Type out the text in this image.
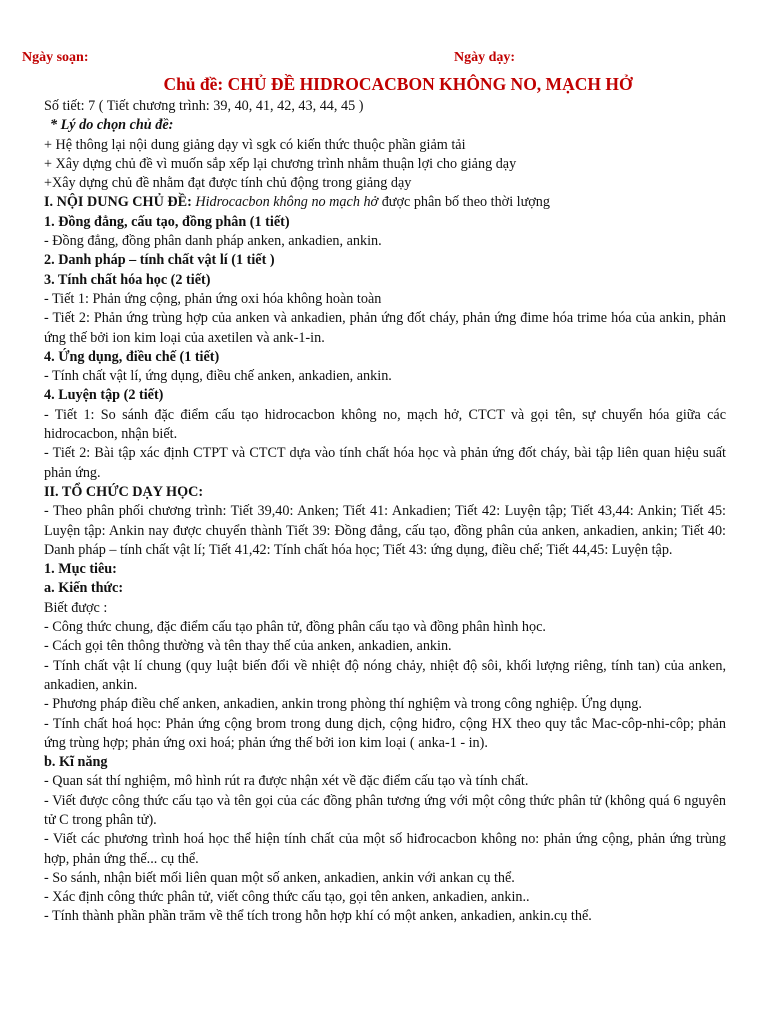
Ngày soạn:	Ngày dạy:
Chủ đề: CHỦ ĐỀ HIDROCACBON KHÔNG NO, MẠCH HỞ

Số tiết: 7 ( Tiết chương trình: 39, 40, 41, 42, 43, 44, 45 )

* Lý do chọn chủ đề:

+ Hệ thông lại nội dung giảng dạy vì sgk có kiến thức thuộc phần giảm tải

+ Xây dựng chủ đề vì muốn sắp xếp lại chương trình nhằm thuận lợi cho giảng dạy

+Xây dựng chủ đề nhằm đạt được tính chủ động trong giảng dạy

I. NỘI DUNG CHỦ ĐỀ: Hidrocacbon không no mạch hở được phân bố theo thời lượng

1. Đồng đẳng, cấu tạo, đồng phân (1 tiết)

- Đồng đẳng, đồng phân danh pháp anken, ankadien, ankin.

2. Danh pháp – tính chất vật lí (1 tiết )

3. Tính chất hóa học (2 tiết)

- Tiết 1: Phản ứng cộng, phản ứng oxi hóa không hoàn toàn

- Tiết 2: Phản ứng trùng hợp của anken và ankadien, phản ứng đốt cháy, phản ứng đime hóa trime hóa của ankin, phản ứng thế bởi ion kim loại của axetilen và ank-1-in.

4. Ứng dụng, điều chế (1 tiết)

- Tính chất vật lí, ứng dụng, điều chế anken, ankadien, ankin.

4. Luyện tập (2 tiết)

- Tiết 1: So sánh đặc điểm cấu tạo hidrocacbon không no, mạch hở, CTCT và gọi tên, sự chuyển hóa giữa các hidrocacbon, nhận biết.

- Tiết 2: Bài tập xác định CTPT và CTCT dựa vào tính chất hóa học và phản ứng đốt cháy, bài tập liên quan hiệu suất phản ứng.

II. TỔ CHỨC DẠY HỌC:

- Theo phân phối chương trình: Tiết 39,40: Anken; Tiết 41: Ankadien; Tiết 42: Luyện tập; Tiết 43,44: Ankin; Tiết 45: Luyện tập: Ankin nay được chuyển thành Tiết 39: Đồng đẳng, cấu tạo, đồng phân của anken, ankadien, ankin; Tiết 40: Danh pháp – tính chất vật lí; Tiết 41,42: Tính chất hóa học; Tiết 43: ứng dụng, điều chế; Tiết 44,45: Luyện tập.

1. Mục tiêu:

a. Kiến thức:

Biết được :

- Công thức chung, đặc điểm cấu tạo phân tử, đồng phân cấu tạo và đồng phân hình học.

- Cách gọi tên thông thường và tên thay thế của anken, ankadien, ankin.

- Tính chất vật lí chung (quy luật biến đổi về nhiệt độ nóng chảy, nhiệt độ sôi, khối lượng riêng, tính tan) của anken, ankadien, ankin.

- Phương pháp điều chế anken, ankadien, ankin trong phòng thí nghiệm và trong công nghiệp. Ứng dụng.

- Tính chất hoá học: Phản ứng cộng brom trong dung dịch, cộng hiđro, cộng HX theo quy tắc Mac-côp-nhi-côp; phản ứng trùng hợp; phản ứng oxi hoá; phản ứng thế bởi ion kim loại ( anka-1 - in).

b. Kĩ năng

- Quan sát thí nghiệm, mô hình rút ra được nhận xét về đặc điểm cấu tạo và tính chất.

- Viết được công thức cấu tạo và tên gọi của các đồng phân tương ứng với một công thức phân tử (không quá 6 nguyên tử C trong phân tử).

- Viết các phương trình hoá học thể hiện tính chất của một số hiđrocacbon không no: phản ứng cộng, phản ứng trùng hợp, phản ứng thế... cụ thể.

- So sánh, nhận biết mối liên quan một số anken, ankadien, ankin với ankan cụ thể.

- Xác định công thức phân tử, viết công thức cấu tạo, gọi tên anken, ankadien, ankin..

- Tính thành phần phần trăm về thể tích trong hỗn hợp khí có một anken, ankadien, ankin.cụ thể.
